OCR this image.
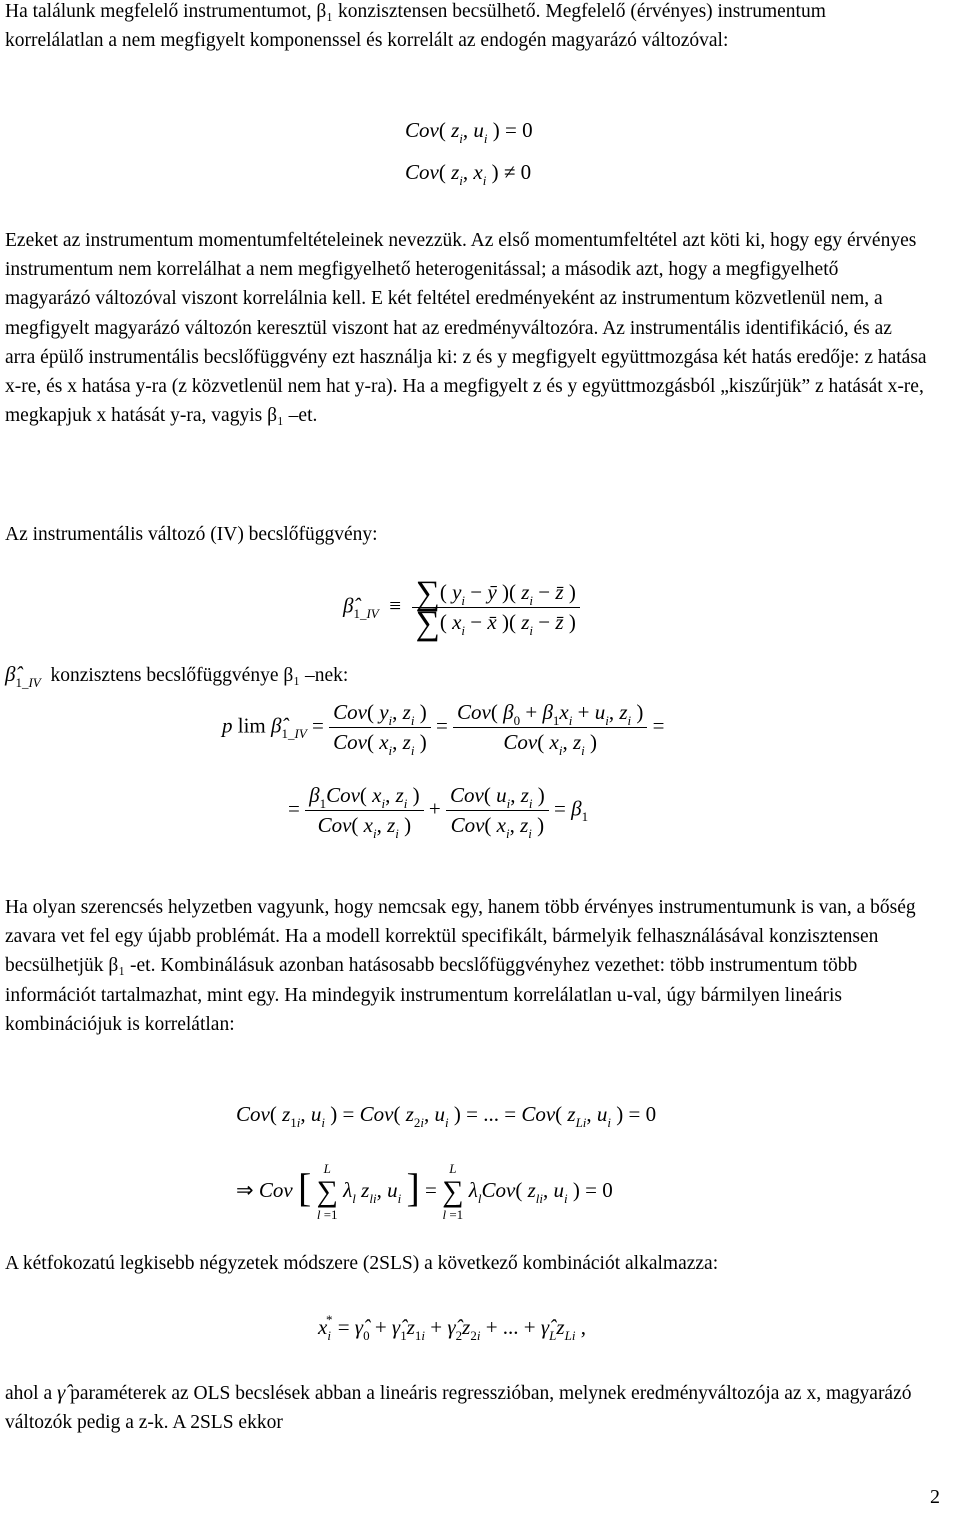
Ha találunk megfelelő instrumentumot, β₁ konzisztensen becsülhető. Megfelelő (érvényes) instrumentum korrelálatlan a nem megfigyelt komponenssel és korrelált az endogén magyarázó változóval:

Cov( $z_i$, $u_i$ ) = 0
Cov( $z_i$, $x_i$ ) ≠ 0

Ezeket az instrumentum momentumfeltételeinek nevezzük. Az első momentumfeltétel azt köti ki, hogy egy érvényes instrumentum nem korrelálhat a nem megfigyelhető heterogenitással; a második azt, hogy a megfigyelhető magyarázó változóval viszont korrelálnia kell. E két feltétel eredményeként az instrumentum közvetlenül nem, a megfigyelt magyarázó változón keresztül viszont hat az eredményváltozóra. Az instrumentális identifikáció, és az arra épülő instrumentális becslőfüggvény ezt használja ki: z és y megfigyelt együttmozgása két hatás eredője: z hatása x-re, és x hatása y-ra (z közvetlenül nem hat y-ra). Ha a megfigyelt z és y együttmozgásból „kiszűrjük” z hatását x-re, megkapjuk x hatását y-ra, vagyis β₁ –et.

Az instrumentális változó (IV) becslőfüggvény:

$\betâ_{1\_IV} \equiv \frac{\sum( y_i - ȳ )( z_i - z̄ )}{\sum( x_i - x̄ )( z_i - z̄ )}$
$\betâ_{1\_IV}$ konzisztens becslőfüggvénye β₁ –nek:
p $\lim \betâ_{1\_IV} = \frac{Cov( y_i, z_i )}{Cov( x_i, z_i )} = \frac{Cov( \beta_0 + \beta_1x_i + u_i, z_i )}{Cov( x_i, z_i )}$ =
= $\frac{\beta_1Cov( x_i, z_i )}{Cov( x_i, z_i )} + \frac{Cov( u_i, z_i )}{Cov( x_i, z_i )} = \beta_1$

Ha olyan szerencsés helyzetben vagyunk, hogy nemcsak egy, hanem több érvényes instrumentumunk is van, a bőség zavara vet fel egy újabb problémát. Ha a modell korrektül specifikált, bármelyik felhasználásával konzisztensen becsülhetjük β₁ -et. Kombinálásuk azonban hatásosabb becslőfüggvényhez vezethet: több instrumentum több információt tartalmazhat, mint egy. Ha mindegyik instrumentum korrelálatlan u-val, úgy bármilyen lineáris kombinációjuk is korrelátlan:

Cov( $z_{1i}$, $u_i$ ) = Cov( $z_{2i}$, $u_i$ ) = ... = Cov( $z_{Li}$, $u_i$ ) = 0
⇒ Cov [ L
∑
l =1
$\lambda_l$ $z_{li}$, $u_i$ ] =
L
∑
l =1
$\lambda_lCov$( $z_{li}$, $u_i$ ) = 0

A kétfokozatú legkisebb négyzetek módszere (2SLS) a következő kombinációt alkalmazza:

$x_i^*$ = $\gammâ_0$ + $\gammâ_1z_{1i}$ + $\gammâ_2z_{2i}$ + ... + $\gammâ_Lz_{Li}$ ,

ahol a γ̂ paraméterek az OLS becslések abban a lineáris regresszióban, melynek eredményváltozója az x, magyarázó változók pedig a z-k. A 2SLS ekkor

2
